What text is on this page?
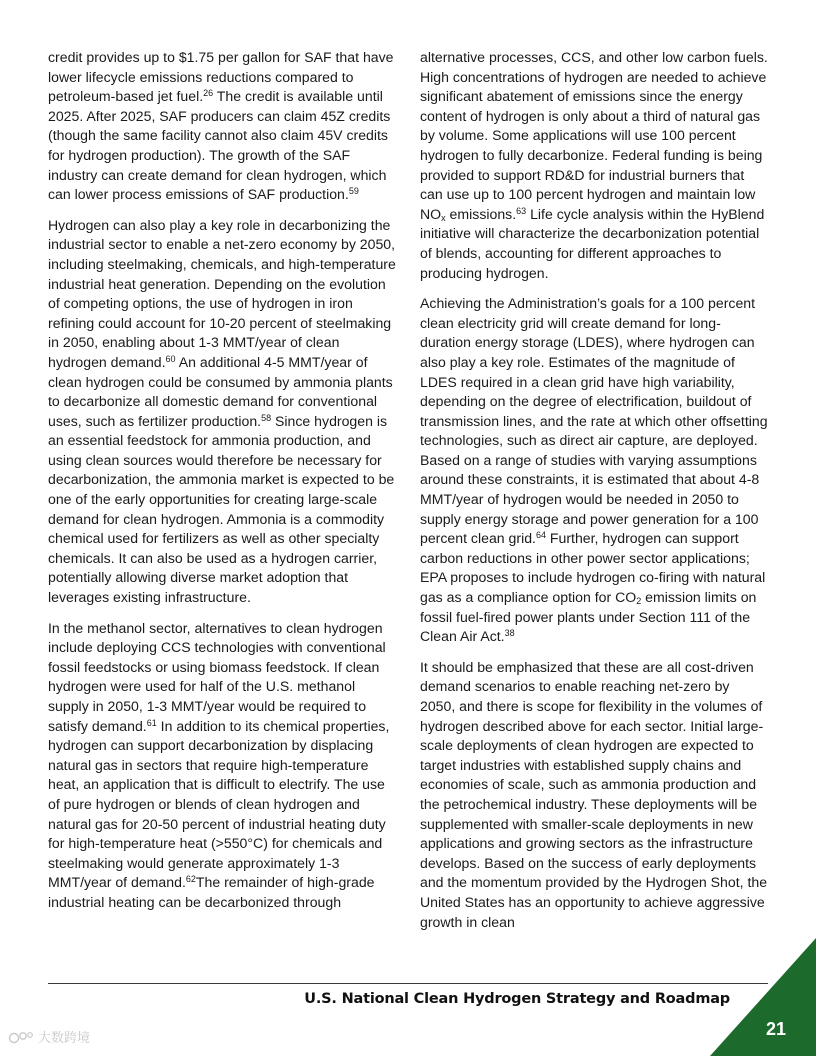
credit provides up to $1.75 per gallon for SAF that have lower lifecycle emissions reductions compared to petroleum-based jet fuel.$^{26}$ The credit is available until 2025. After 2025, SAF producers can claim 45Z credits (though the same facility cannot also claim 45V credits for hydrogen production). The growth of the SAF industry can create demand for clean hydrogen, which can lower process emissions of SAF production.$^{59}$

Hydrogen can also play a key role in decarbonizing the industrial sector to enable a net-zero economy by 2050, including steelmaking, chemicals, and high-temperature industrial heat generation. Depending on the evolution of competing options, the use of hydrogen in iron refining could account for 10-20 percent of steelmaking in 2050, enabling about 1-3 MMT/year of clean hydrogen demand.$^{60}$ An additional 4-5 MMT/year of clean hydrogen could be consumed by ammonia plants to decarbonize all domestic demand for conventional uses, such as fertilizer production.$^{58}$ Since hydrogen is an essential feedstock for ammonia production, and using clean sources would therefore be necessary for decarbonization, the ammonia market is expected to be one of the early opportunities for creating large-scale demand for clean hydrogen. Ammonia is a commodity chemical used for fertilizers as well as other specialty chemicals. It can also be used as a hydrogen carrier, potentially allowing diverse market adoption that leverages existing infrastructure.

In the methanol sector, alternatives to clean hydrogen include deploying CCS technologies with conventional fossil feedstocks or using biomass feedstock. If clean hydrogen were used for half of the U.S. methanol supply in 2050, 1-3 MMT/year would be required to satisfy demand.$^{61}$ In addition to its chemical properties, hydrogen can support decarbonization by displacing natural gas in sectors that require high-temperature heat, an application that is difficult to electrify. The use of pure hydrogen or blends of clean hydrogen and natural gas for 20-50 percent of industrial heating duty for high-temperature heat (>550°C) for chemicals and steelmaking would generate approximately 1-3 MMT/year of demand.$^{62}$The remainder of high-grade industrial heating can be decarbonized through

alternative processes, CCS, and other low carbon fuels. High concentrations of hydrogen are needed to achieve significant abatement of emissions since the energy content of hydrogen is only about a third of natural gas by volume. Some applications will use 100 percent hydrogen to fully decarbonize. Federal funding is being provided to support RD&D for industrial burners that can use up to 100 percent hydrogen and maintain low $NO_x$ emissions.$^{63}$ Life cycle analysis within the HyBlend initiative will characterize the decarbonization potential of blends, accounting for different approaches to producing hydrogen.

Achieving the Administration’s goals for a 100 percent clean electricity grid will create demand for long-duration energy storage (LDES), where hydrogen can also play a key role. Estimates of the magnitude of LDES required in a clean grid have high variability, depending on the degree of electrification, buildout of transmission lines, and the rate at which other offsetting technologies, such as direct air capture, are deployed. Based on a range of studies with varying assumptions around these constraints, it is estimated that about 4-8 MMT/year of hydrogen would be needed in 2050 to supply energy storage and power generation for a 100 percent clean grid.$^{64}$ Further, hydrogen can support carbon reductions in other power sector applications; EPA proposes to include hydrogen co-firing with natural gas as a compliance option for $CO_2$ emission limits on fossil fuel-fired power plants under Section 111 of the Clean Air Act.$^{38}$

It should be emphasized that these are all cost-driven demand scenarios to enable reaching net-zero by 2050, and there is scope for flexibility in the volumes of hydrogen described above for each sector. Initial large-scale deployments of clean hydrogen are expected to target industries with established supply chains and economies of scale, such as ammonia production and the petrochemical industry. These deployments will be supplemented with smaller-scale deployments in new applications and growing sectors as the infrastructure develops. Based on the success of early deployments and the momentum provided by the Hydrogen Shot, the United States has an opportunity to achieve aggressive growth in clean

U.S. National Clean Hydrogen Strategy and Roadmap
21
大数跨境
